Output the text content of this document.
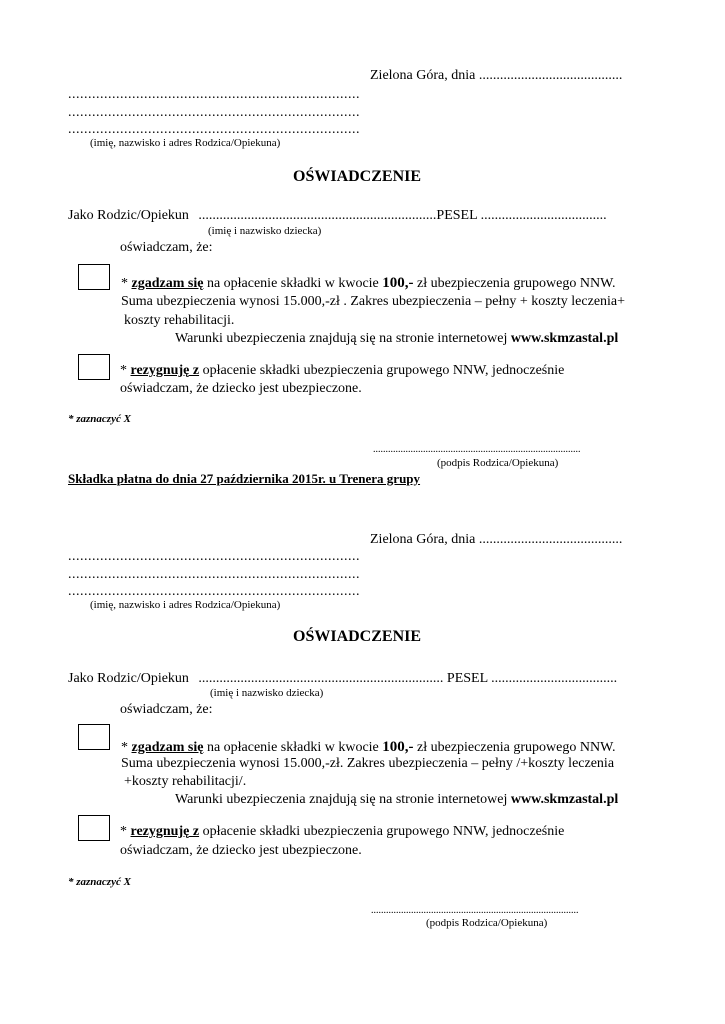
Zielona Góra, dnia .........................................
.........................................................................
.........................................................................
.........................................................................
(imię, nazwisko i adres Rodzica/Opiekuna)
OŚWIADCZENIE
Jako Rodzic/Opiekun ....................................................................PESEL ....................................
(imię i nazwisko dziecka)
oświadczam, że:
* zgadzam się na opłacenie składki w kwocie 100,- zł ubezpieczenia grupowego NNW.
Suma ubezpieczenia wynosi 15.000,-zł . Zakres ubezpieczenia – pełny + koszty leczenia+
koszty rehabilitacji.
Warunki ubezpieczenia znajdują się na stronie internetowej www.skmzastal.pl
* rezygnuję z opłacenie składki ubezpieczenia grupowego NNW, jednocześnie
oświadczam, że dziecko jest ubezpieczone.
* zaznaczyć X
...................................................................................
(podpis Rodzica/Opiekuna)
Składka płatna do dnia 27 października 2015r. u Trenera grupy
Zielona Góra, dnia .........................................
.........................................................................
.........................................................................
.........................................................................
(imię, nazwisko i adres Rodzica/Opiekuna)
OŚWIADCZENIE
Jako Rodzic/Opiekun ...................................................................... PESEL ....................................
(imię i nazwisko dziecka)
oświadczam, że:
* zgadzam się na opłacenie składki w kwocie 100,- zł ubezpieczenia grupowego NNW.
Suma ubezpieczenia wynosi 15.000,-zł. Zakres ubezpieczenia – pełny /+koszty leczenia
+koszty rehabilitacji/.
Warunki ubezpieczenia znajdują się na stronie internetowej www.skmzastal.pl
* rezygnuję z opłacenie składki ubezpieczenia grupowego NNW, jednocześnie
oświadczam, że dziecko jest ubezpieczone.
* zaznaczyć X
...................................................................................
(podpis Rodzica/Opiekuna)
